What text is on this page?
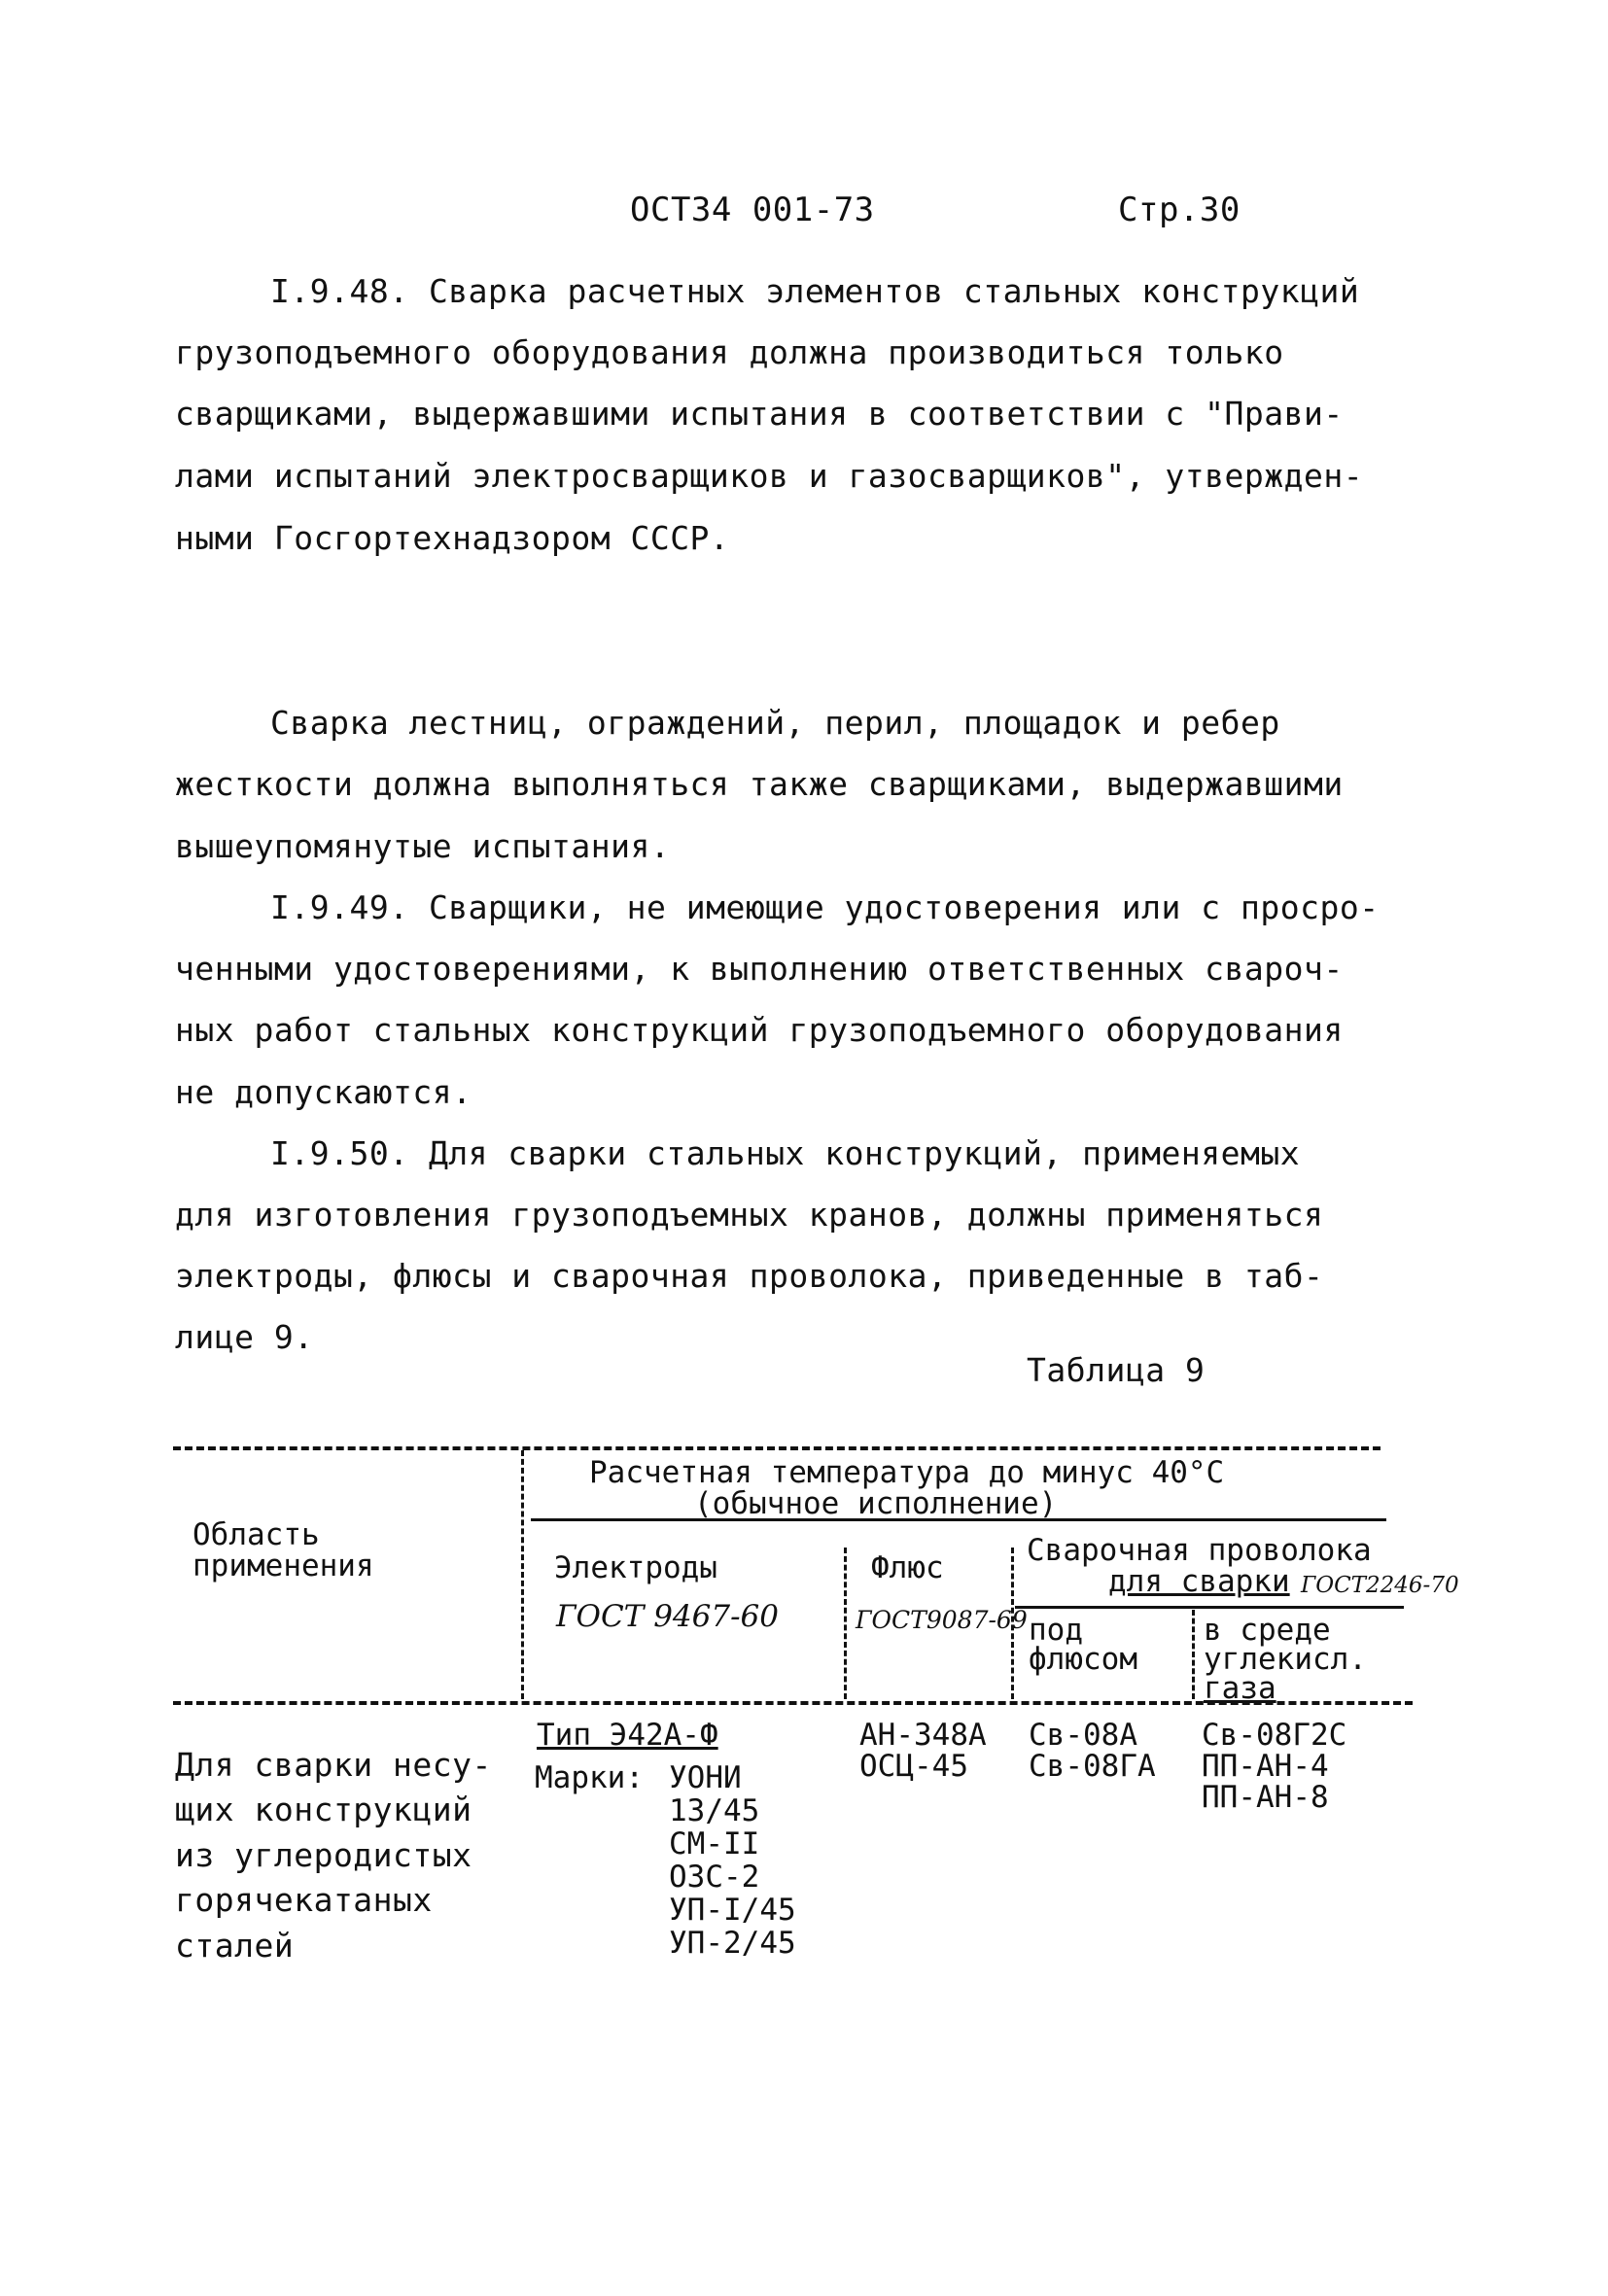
ОСТ34 001-73	Стр.30
I.9.48. Сварка расчетных элементов стальных конструкций
грузоподъемного оборудования должна производиться только
сварщиками, выдержавшими испытания в соответствии с "Прави-
лами испытаний электросварщиков и газосварщиков", утвержден-
ными Госгортехнадзором СССР.
Сварка лестниц, ограждений, перил, площадок и ребер
жесткости должна выполняться также сварщиками, выдержавшими
вышеупомянутые испытания.
I.9.49. Сварщики, не имеющие удостоверения или с просро-
ченными удостоверениями, к выполнению ответственных свароч-
ных работ стальных конструкций грузоподъемного оборудования
не допускаются.
I.9.50. Для сварки стальных конструкций, применяемых
для изготовления грузоподъемных кранов, должны применяться
электроды, флюсы и сварочная проволока, приведенные в таб-
лице 9.
Таблица 9
Область
применения
Расчетная температура до минус 40°С
(обычное исполнение)
Электроды
ГОСТ 9467-60
Флюс
ГОСТ9087-69
Сварочная проволока
для сварки ГОСТ2246-70
под
флюсом
в среде
углекисл.
газа
Для сварки несу-
щих конструкций
из углеродистых
горячекатаных
сталей
Тип Э42А-Ф
Марки: УОНИ
13/45
СМ-II
ОЗС-2
УП-I/45
УП-2/45
АН-348А
ОСЦ-45
Св-08А
Св-08ГА
Св-08Г2С
ПП-АН-4
ПП-АН-8
